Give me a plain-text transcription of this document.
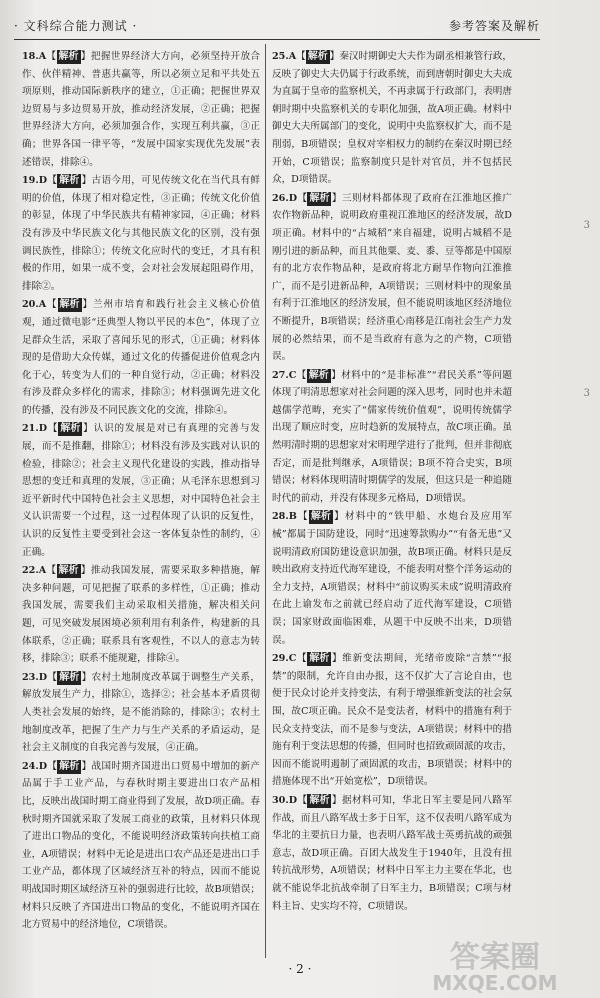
· 文科综合能力测试 ·	参考答案及解析
18.A【 解析 】把握世界经济大方向，必须坚持开放合作、伙伴精神、普惠共赢等，所以必须立足和平共处五项原则，推动国际新秩序的建立，①正确；把握世界双边贸易与多边贸易开放，推动经济发展，②正确；把握世界经济大方向，必须加强合作，实现互利共赢，③正确；世界各国一律平等，“发展中国家实现优先发展”表述错误，排除④。
19.D【 解析 】古语今用，可见传统文化在当代具有鲜明的价值，体现了相对稳定性，③正确；传统文化价值的彰显，体现了中华民族共有精神家园，④正确；材料没有涉及中华民族文化与其他民族文化的区别，没有强调民族性，排除①；传统文化应时代的变迁，才具有积极的作用，如果一成不变，会对社会发展起阻碍作用，排除②。
20.A【 解析 】兰州市培育和践行社会主义核心价值观，通过微电影“还典型人物以平民的本色”，体现了立足群众生活，采取了喜闻乐见的形式，①正确；材料体现的是借助大众传媒，通过文化的传播促进价值观念内化于心，转变为人们的一种自觉行动，②正确；材料没有涉及群众多样化的需求，排除③；材料强调先进文化的传播，没有涉及不同民族文化的交流，排除④。
21.D【 解析 】认识的发展是对已有真理的完善与发展，而不是推翻，排除①；材料没有涉及实践对认识的检验，排除②；社会主义现代化建设的实践，推动指导思想的变迁和真理的发展，③正确；从毛泽东思想到习近平新时代中国特色社会主义思想，对中国特色社会主义认识需要一个过程，这一过程体现了认识的反复性，认识的反复性主要受到社会这一客体复杂性的制约，④正确。
22.A【 解析 】推动我国发展，需要采取多种措施，解决多种问题，可见把握了联系的多样性，①正确；推动我国发展，需要我们主动采取相关措施，解决相关问题，可见突破发展困境必须利用有利条件，构建新的具体联系，②正确；联系具有客观性，不以人的意志为转移，排除③；联系不能规避，排除④。
23.D【 解析 】农村土地制度改革属于调整生产关系，解放发展生产力，排除①，选择②；社会基本矛盾贯彻人类社会发展的始终，是不能消除的，排除③；农村土地制度改革，把握了生产力与生产关系的矛盾运动，是社会主义制度的自我完善与发展，④正确。
24.D【 解析 】战国时期齐国进出口贸易中增加的新产品属于手工业产品，与春秋时期主要进出口农产品相比，反映出战国时期工商业得到了发展，故D项正确。春秋时期齐国就采取了发展工商业的政策，且材料只体现了进出口物品的变化，不能说明经济政策转向扶植工商业，A项错误；材料中无论是进出口农产品还是进出口手工业产品，都体现了区域经济互补的特点，因而不能说明战国时期区域经济互补的强弱进行比较，故B项错误；材料只反映了齐国进出口物品的变化，不能说明齐国在北方贸易中的经济地位，C项错误。
25.A【 解析 】秦汉时期御史大夫作为副丞相兼管行政，反映了御史大夫仍属于行政系统，而到唐朝时御史大夫成为直属于皇帝的监察机关，不再隶属于行政部门，表明唐朝时期中央监察机关的专职化加强，故A项正确。材料中御史大夫所属部门的变化，说明中央监察权扩大，而不是削弱，B项错误；皇权对宰相权力的制约在秦汉时期已经开始，C项错误；监察制度只是针对官员，并不包括民众，D项错误。
26.D【 解析 】三则材料都体现了政府在江淮地区推广农作物新品种，说明政府重视江淮地区的经济发展，故D项正确。材料中的“占城稻”来自福建，说明占城稻不是刚引进的新品种，而且其他粟、麦、黍、豆等都是中国原有的北方农作物品种，是政府将北方耐旱作物向江淮推广，而不是引进新品种，A项错误；三则材料中的现象虽有利于江淮地区的经济发展，但不能说明该地区经济地位不断提升，B项错误；经济重心南移是江南社会生产力发展的必然结果，而不是当政府有意为之的产物，C项错误。
27.C【 解析 】材料中的“是非标准”“君民关系”等问题体现了明清思想家对社会问题的深入思考，同时也并未超越儒学范畴，充实了“儒家传统价值观”，说明传统儒学出现了顺应时变，应时趋新的发展特点，故C项正确。虽然明清时期的思想家对宋明理学进行了批判，但并非彻底否定，而是批判继承，A项错误；B项不符合史实，B项错误；材料体现明清时期儒学的发展，但这只是一种追随时代的前动，并没有体现多元格局，D项错误。
28.B【 解析 】材料中的“铁甲船、水炮台及应用军械”都属于国防建设，同时“迅速筹款购办”“有备无患”又说明清政府国防建设意识加强，故B项正确。材料只是反映出政府支持近代海军建设，不能表明对整个洋务运动的全力支持，A项错误；材料中“前议购买未成”说明清政府在此上谕发布之前就已经启动了近代海军建设，C项错误；国家财政面临困难，从题干中反映不出来，D项错误。
29.C【 解析 】维新变法期间，光绪帝废除“言禁”“报禁”的限制，允许自由办报，这不仅扩大了言论自由，也便于民众讨论并支持变法，有利于增强维新变法的社会氛围，故C项正确。民众不是变法者，材料中的措施有利于民众支持变法，而不是参与变法，A项错误；材料中的措施有利于变法思想的传播，但同时也招致顽固派的攻击，因而不能说明遏制了顽固派的攻击，B项错误；材料中的措施体现不出“开始宽松”，D项错误。
30.D【 解析 】据材料可知，华北日军主要是同八路军作战，而且八路军战士多于日军，这不仅表明八路军成为华北的主要抗日力量，也表明八路军战士英勇抗战的顽强意志，故D项正确。百团大战发生于1940年，且没有扭转抗战形势，A项错误；材料中日军主力主要在华北，也就不能说华北抗战牵制了日军主力，B项错误；C项与材料主旨、史实均不符，C项错误。
3
3
· 2 ·	答案圈
MXQE.COM
